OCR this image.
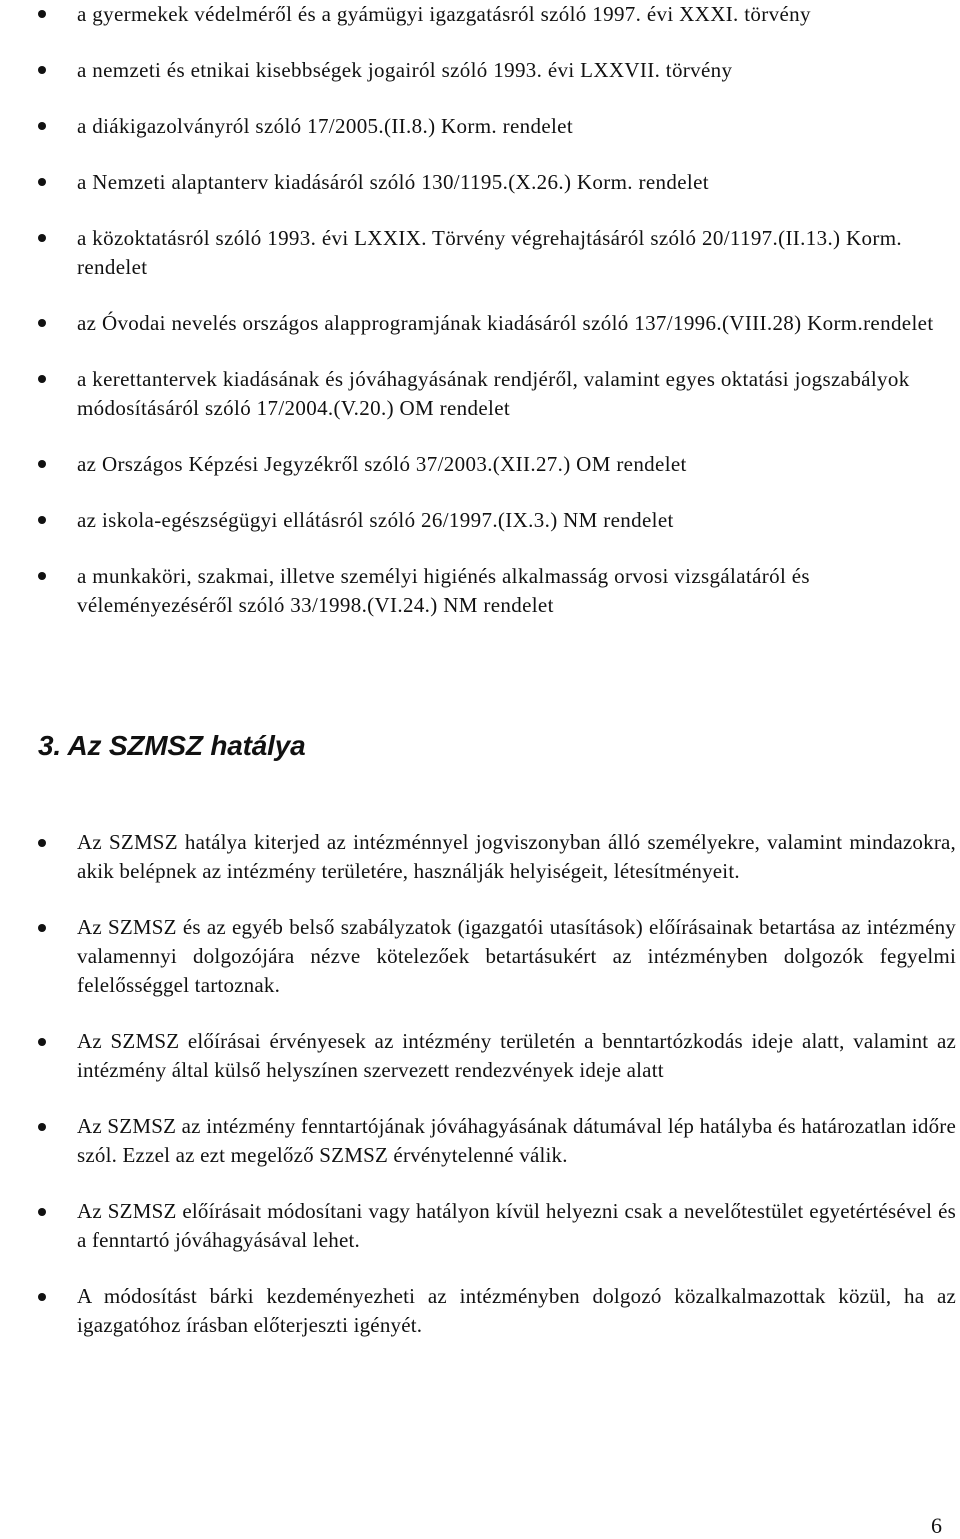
a gyermekek védelméről és a gyámügyi igazgatásról szóló 1997. évi XXXI. törvény
a nemzeti és etnikai kisebbségek jogairól szóló 1993. évi LXXVII. törvény
a diákigazolványról szóló 17/2005.(II.8.) Korm. rendelet
a Nemzeti alaptanterv kiadásáról szóló 130/1195.(X.26.) Korm. rendelet
a közoktatásról szóló 1993. évi LXXIX. Törvény végrehajtásáról szóló 20/1197.(II.13.) Korm. rendelet
az Óvodai nevelés országos alapprogramjának kiadásáról szóló 137/1996.(VIII.28) Korm.rendelet
a kerettantervek kiadásának és jóváhagyásának rendjéről, valamint egyes oktatási jogszabályok módosításáról szóló 17/2004.(V.20.) OM rendelet
az Országos Képzési Jegyzékről szóló 37/2003.(XII.27.) OM rendelet
az iskola-egészségügyi ellátásról szóló 26/1997.(IX.3.) NM rendelet
a munkaköri, szakmai, illetve személyi higiénés alkalmasság orvosi vizsgálatáról és véleményezéséről szóló 33/1998.(VI.24.) NM rendelet
3. Az SZMSZ hatálya
Az SZMSZ hatálya kiterjed az intézménnyel jogviszonyban álló személyekre, valamint mindazokra, akik belépnek az intézmény területére, használják helyiségeit, létesítményeit.
Az SZMSZ és az egyéb belső szabályzatok (igazgatói utasítások) előírásainak betartása az intézmény valamennyi dolgozójára nézve kötelezőek betartásukért az intézményben dolgozók fegyelmi felelősséggel tartoznak.
Az SZMSZ előírásai érvényesek az intézmény területén a benntartózkodás ideje alatt, valamint az intézmény által külső helyszínen szervezett rendezvények ideje alatt
Az SZMSZ az intézmény fenntartójának jóváhagyásának dátumával lép hatályba és határozatlan időre szól. Ezzel az ezt megelőző SZMSZ érvénytelenné válik.
Az SZMSZ előírásait módosítani vagy hatályon kívül helyezni csak a nevelőtestület egyetértésével és a fenntartó jóváhagyásával lehet.
A módosítást bárki kezdeményezheti az intézményben dolgozó közalkalmazottak közül, ha az igazgatóhoz írásban előterjeszti igényét.
6
